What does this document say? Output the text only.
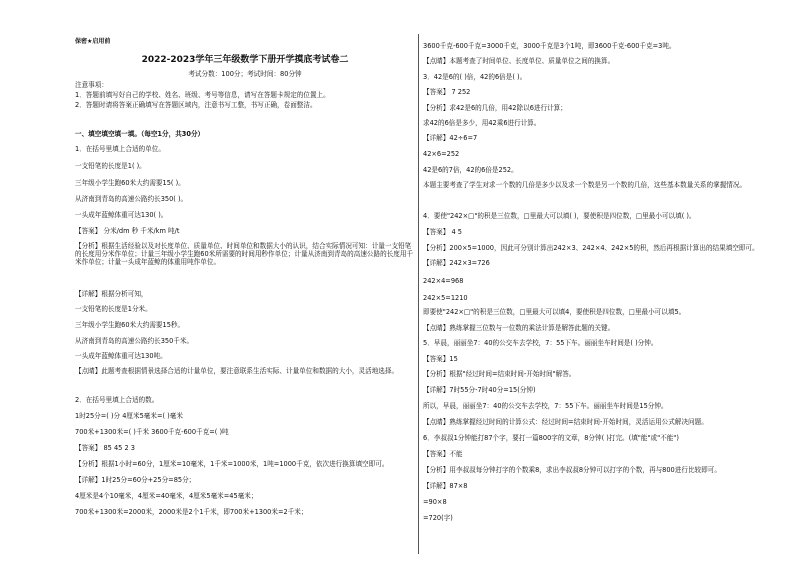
保密★启用前
2022-2023学年三年级数学下册开学摸底考试卷二
考试分数：100分；考试时间：80分钟
注意事项：
1．答题前填写好自己的学校、姓名、班级、考号等信息，请写在答题卡规定的位置上。
2．答题时请将答案正确填写在答题区域内，注意书写工整，书写正确，卷面整洁。
一、填空填空填一填。（每空1分，共30分）
1．在括号里填上合适的单位。
一支铅笔的长度是1( )。
三年级小学生跑60米大约需要15( )。
从济南到青岛的高速公路约长350( )。
一头成年蓝鲸体重可达130( )。
【答案】 分米/dm 秒 千米/km 吨/t
【分析】根据生活经验以及对长度单位、质量单位、时间单位和数据大小的认识，结合实际情况可知：计量一支铅笔的长度用分米作单位；计量三年级小学生跑60米所需要的时间用秒作单位；计量从济南到青岛的高速公路的长度用千米作单位；计量一头成年蓝鲸的体重用吨作单位。
【详解】根据分析可知，
一支铅笔的长度是1分米。
三年级小学生跑60米大约需要15秒。
从济南到青岛的高速公路约长350千米。
一头成年蓝鲸体重可达130吨。
【点睛】此题考查根据情景选择合适的计量单位，要注意联系生活实际、计量单位和数据的大小，灵活地选择。
2．在括号里填上合适的数。
1时25分=( )分 4厘米5毫米=( )毫米
700米+1300米=( )千米 3600千克-600千克=( )吨
【答案】 85 45 2 3
【分析】根据1小时=60分，1厘米=10毫米，1千米=1000米，1吨=1000千克，依次进行换算填空即可。
【详解】1时25分=60分+25分=85分；
4厘米是4个10毫米，4厘米=40毫米，4厘米5毫米=45毫米；
700米+1300米=2000米，2000米是2个1千米，即700米+1300米=2千米；
3600千克-600千克=3000千克，3000千克是3个1吨，即3600千克-600千克=3吨。
【点睛】本题考查了时间单位、长度单位、质量单位之间的换算。
3．42是6的( )倍，42的6倍是( )。
【答案】 7 252
【分析】求42是6的几倍，用42除以6进行计算；
求42的6倍是多少，用42乘6进行计算。
【详解】42÷6=7
42×6=252
42是6的7倍，42的6倍是252。
本题主要考查了学生对求一个数的几倍是多少以及求一个数是另一个数的几倍，这些基本数量关系的掌握情况。
4．要使"242×□"的积是三位数，□里最大可以填( )，要使积是四位数，□里最小可以填( )。
【答案】 4 5
【分析】200×5=1000，因此可分别计算出242×3、242×4、242×5的积，然后再根据计算出的结果填空即可。
【详解】242×3=726
242×4=968
242×5=1210
即要使"242×□"的积是三位数，□里最大可以填4，要使积是四位数，□里最小可以填5。
【点睛】熟练掌握三位数与一位数的乘法计算是解答此题的关键。
5．早晨，丽丽坐7：40的公交车去学校，7：55下车。丽丽坐车时间是( )分钟。
【答案】15
【分析】根据"经过时间=结束时间-开始时间"解答。
【详解】7时55分-7时40分=15(分钟)
所以，早晨，丽丽坐7：40的公交车去学校，7：55下车。丽丽坐车时间是15分钟。
【点睛】熟练掌握经过时间的计算公式：经过时间=结束时间-开始时间，灵活运用公式解决问题。
6．李叔叔1分钟能打87个字，要打一篇800字的文章，8分钟( )打完。(填"能"或"不能")
【答案】不能
【分析】用李叔叔每分钟打字的个数乘8，求出李叔叔8分钟可以打字的个数，再与800进行比较即可。
【详解】87×8
=90×8
=720(字)
